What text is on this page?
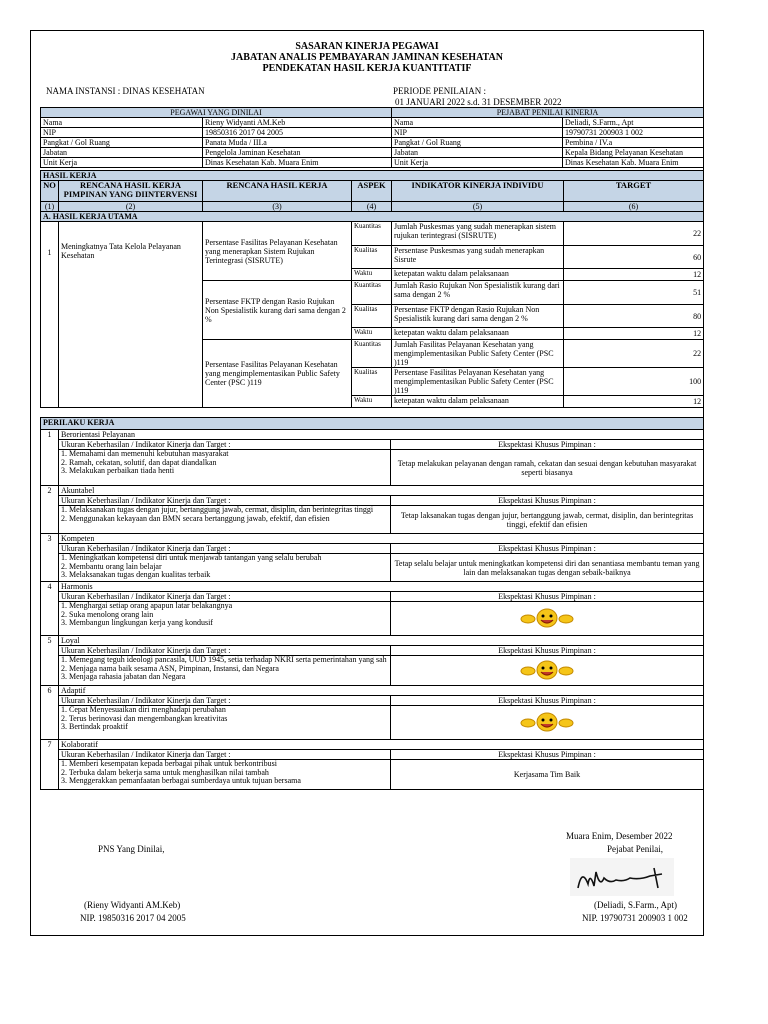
SASARAN KINERJA PEGAWAI
JABATAN ANALIS PEMBAYARAN JAMINAN KESEHATAN
PENDEKATAN HASIL KERJA KUANTITATIF
NAMA INSTANSI : DINAS KESEHATAN	PERIODE PENILAIAN :
01 JANUARI 2022 s.d. 31 DESEMBER 2022
PEGAWAI YANG DINILAI		PEJABAT PENILAI KINERJA	
Nama	Rieny Widyanti AM.Keb	Nama	Deliadi, S.Farm., Apt
NIP	19850316 2017 04 2005	NIP	19790731 200903 1 002
Pangkat / Gol Ruang	Panata Muda / III.a	Pangkat / Gol Ruang	Pembina / IV.a
Jabatan	Pengelola Jaminan Kesehatan	Jabatan	Kepala Bidang Pelayanan Kesehatan
Unit Kerja	Dinas Kesehatan Kab. Muara Enim	Unit Kerja	Dinas Kesehatan Kab. Muara Enim
HASIL KERJA					
NO	RENCANA HASIL KERJA PIMPINAN YANG DIINTERVENSI	RENCANA HASIL KERJA	ASPEK	INDIKATOR KINERJA INDIVIDU	TARGET
(1)	(2)	(3)	(4)	(5)	(6)
A. HASIL KERJA UTAMA					
1	Meningkatnya Tata Kelola Pelayanan Kesehatan	Persentase Fasilitas Pelayanan Kesehatan yang menerapkan Sistem Rujukan Terintegrasi (SISRUTE)	Kuantitas	Jumlah Puskesmas yang sudah menerapkan sistem rujukan terintegrasi (SISRUTE)	22
			Kualitas	Persentase Puskesmas yang sudah menerapkan Sisrute	60
			Waktu	ketepatan waktu dalam pelaksanaan	12
		Persentase FKTP dengan Rasio Rujukan Non Spesialistik kurang dari sama dengan 2 %	Kuantitas	Jumlah Rasio Rujukan Non Spesialistik kurang dari sama dengan 2 %	51
			Kualitas	Persentase FKTP dengan Rasio Rujukan Non Spesialistik kurang dari sama dengan 2 %	80
			Waktu	ketepatan waktu dalam pelaksanaan	12
		Persentase Fasilitas Pelayanan Kesehatan yang mengimplementasikan Public Safety Center (PSC )119	Kuantitas	Jumlah Fasilitas Pelayanan Kesehatan yang mengimplementasikan Public Safety Center (PSC )119	22
			Kualitas	Persentase Fasilitas Pelayanan Kesehatan yang mengimplementasikan Public Safety Center (PSC )119	100
			Waktu	ketepatan waktu dalam pelaksanaan	12
PERILAKU KERJA		
1	Berorientasi Pelayanan	
	Ukuran Keberhasilan / Indikator Kinerja dan Target :	Ekspektasi Khusus Pimpinan :

	1. Memahami dan memenuhi kebutuhan masyarakat
2. Ramah, cekatan, solutif, dan dapat diandalkan
3. Melakukan perbaikan tiada henti	Tetap melakukan pelayanan dengan ramah, cekatan dan sesuai dengan kebutuhan masyarakat seperti biasanya
2	Akuntabel	
	Ukuran Keberhasilan / Indikator Kinerja dan Target :	Ekspektasi Khusus Pimpinan :

	1. Melaksanakan tugas dengan jujur, bertanggung jawab, cermat, disiplin, dan berintegritas tinggi
2. Menggunakan kekayaan dan BMN secara bertanggung jawab, efektif, dan efisien	Tetap laksanakan tugas dengan jujur, bertanggung jawab, cermat, disiplin, dan berintegritas tinggi, efektif dan efisien
3	Kompeten	
	Ukuran Keberhasilan / Indikator Kinerja dan Target :	Ekspektasi Khusus Pimpinan :

	1. Meningkatkan kompetensi diri untuk menjawab tantangan yang selalu berubah
2. Membantu orang lain belajar
3. Melaksanakan tugas dengan kualitas terbaik	Tetap selalu belajar untuk meningkatkan kompetensi diri dan senantiasa membantu teman yang lain dan melaksanakan tugas dengan sebaik-baiknya
4	Harmonis	
	Ukuran Keberhasilan / Indikator Kinerja dan Target :	Ekspektasi Khusus Pimpinan :

	1. Menghargai setiap orang apapun latar belakangnya
2. Suka menolong orang lain
3. Membangun lingkungan kerja yang kondusif

5	Loyal	
	Ukuran Keberhasilan / Indikator Kinerja dan Target :	Ekspektasi Khusus Pimpinan :

	1. Memegang teguh ideologi pancasila, UUD 1945, setia terhadap NKRI serta pemerintahan yang sah
2. Menjaga nama baik sesama ASN, Pimpinan, Instansi, dan Negara
3. Menjaga rahasia jabatan dan Negara

6	Adaptif	
	Ukuran Keberhasilan / Indikator Kinerja dan Target :	Ekspektasi Khusus Pimpinan :

	1. Cepat Menyesuaikan diri menghadapi perubahan
2. Terus berinovasi dan mengembangkan kreativitas
3. Bertindak proaktif

7	Kolaboratif	
	Ukuran Keberhasilan / Indikator Kinerja dan Target :	Ekspektasi Khusus Pimpinan :

	1. Memberi kesempatan kepada berbagai pihak untuk berkontribusi
2. Terbuka dalam bekerja sama untuk menghasilkan nilai tambah
3. Menggerakkan pemanfaatan berbagai sumberdaya untuk tujuan bersama	Kerjasama Tim Baik
Muara Enim, Desember 2022
PNS Yang Dinilai,	Pejabat Penilai,
(Rieny Widyanti AM.Keb)
NIP. 19850316 2017 04 2005
(Deliadi, S.Farm., Apt)
NIP. 19790731 200903 1 002
